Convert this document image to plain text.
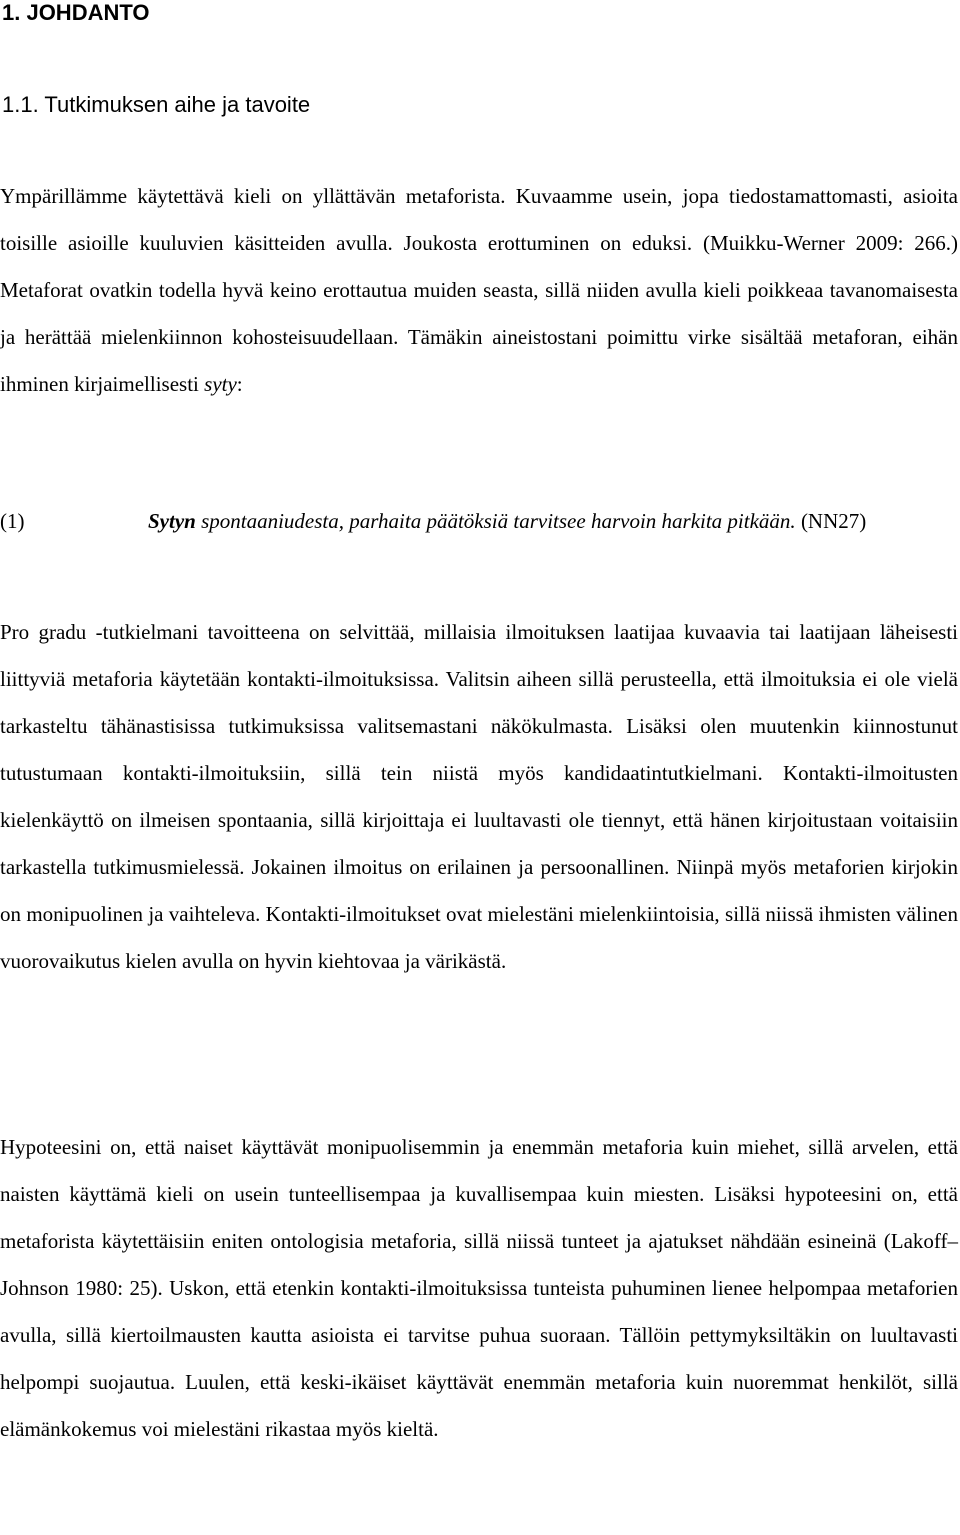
1. JOHDANTO
1.1. Tutkimuksen aihe ja tavoite

Ympärillämme käytettävä kieli on yllättävän metaforista. Kuvaamme usein, jopa tiedostamattomasti, asioita toisille asioille kuuluvien käsitteiden avulla. Joukosta erottuminen on eduksi. (Muikku-Werner 2009: 266.) Metaforat ovatkin todella hyvä keino erottautua muiden seasta, sillä niiden avulla kieli poikkeaa tavanomaisesta ja herättää mielenkiinnon kohosteisuudellaan. Tämäkin aineistostani poimittu virke sisältää metaforan, eihän ihminen kirjaimellisesti syty:

(1)	Sytyn spontaaniudesta, parhaita päätöksiä tarvitsee harvoin harkita pitkään. (NN27)

Pro gradu -tutkielmani tavoitteena on selvittää, millaisia ilmoituksen laatijaa kuvaavia tai laatijaan läheisesti liittyviä metaforia käytetään kontakti-ilmoituksissa. Valitsin aiheen sillä perusteella, että ilmoituksia ei ole vielä tarkasteltu tähänastisissa tutkimuksissa valitsemastani näkökulmasta. Lisäksi olen muutenkin kiinnostunut tutustumaan kontakti-ilmoituksiin, sillä tein niistä myös kandidaatintutkielmani. Kontakti-ilmoitusten kielenkäyttö on ilmeisen spontaania, sillä kirjoittaja ei luultavasti ole tiennyt, että hänen kirjoitustaan voitaisiin tarkastella tutkimusmielessä. Jokainen ilmoitus on erilainen ja persoonallinen. Niinpä myös metaforien kirjokin on monipuolinen ja vaihteleva. Kontakti-ilmoitukset ovat mielestäni mielenkiintoisia, sillä niissä ihmisten välinen vuorovaikutus kielen avulla on hyvin kiehtovaa ja värikästä.

Hypoteesini on, että naiset käyttävät monipuolisemmin ja enemmän metaforia kuin miehet, sillä arvelen, että naisten käyttämä kieli on usein tunteellisempaa ja kuvallisempaa kuin miesten. Lisäksi hypoteesini on, että metaforista käytettäisiin eniten ontologisia metaforia, sillä niissä tunteet ja ajatukset nähdään esineinä (Lakoff–Johnson 1980: 25). Uskon, että etenkin kontakti-ilmoituksissa tunteista puhuminen lienee helpompaa metaforien avulla, sillä kiertoilmausten kautta asioista ei tarvitse puhua suoraan. Tällöin pettymyksiltäkin on luultavasti helpompi suojautua. Luulen, että keski-ikäiset käyttävät enemmän metaforia kuin nuoremmat henkilöt, sillä elämänkokemus voi mielestäni rikastaa myös kieltä.
